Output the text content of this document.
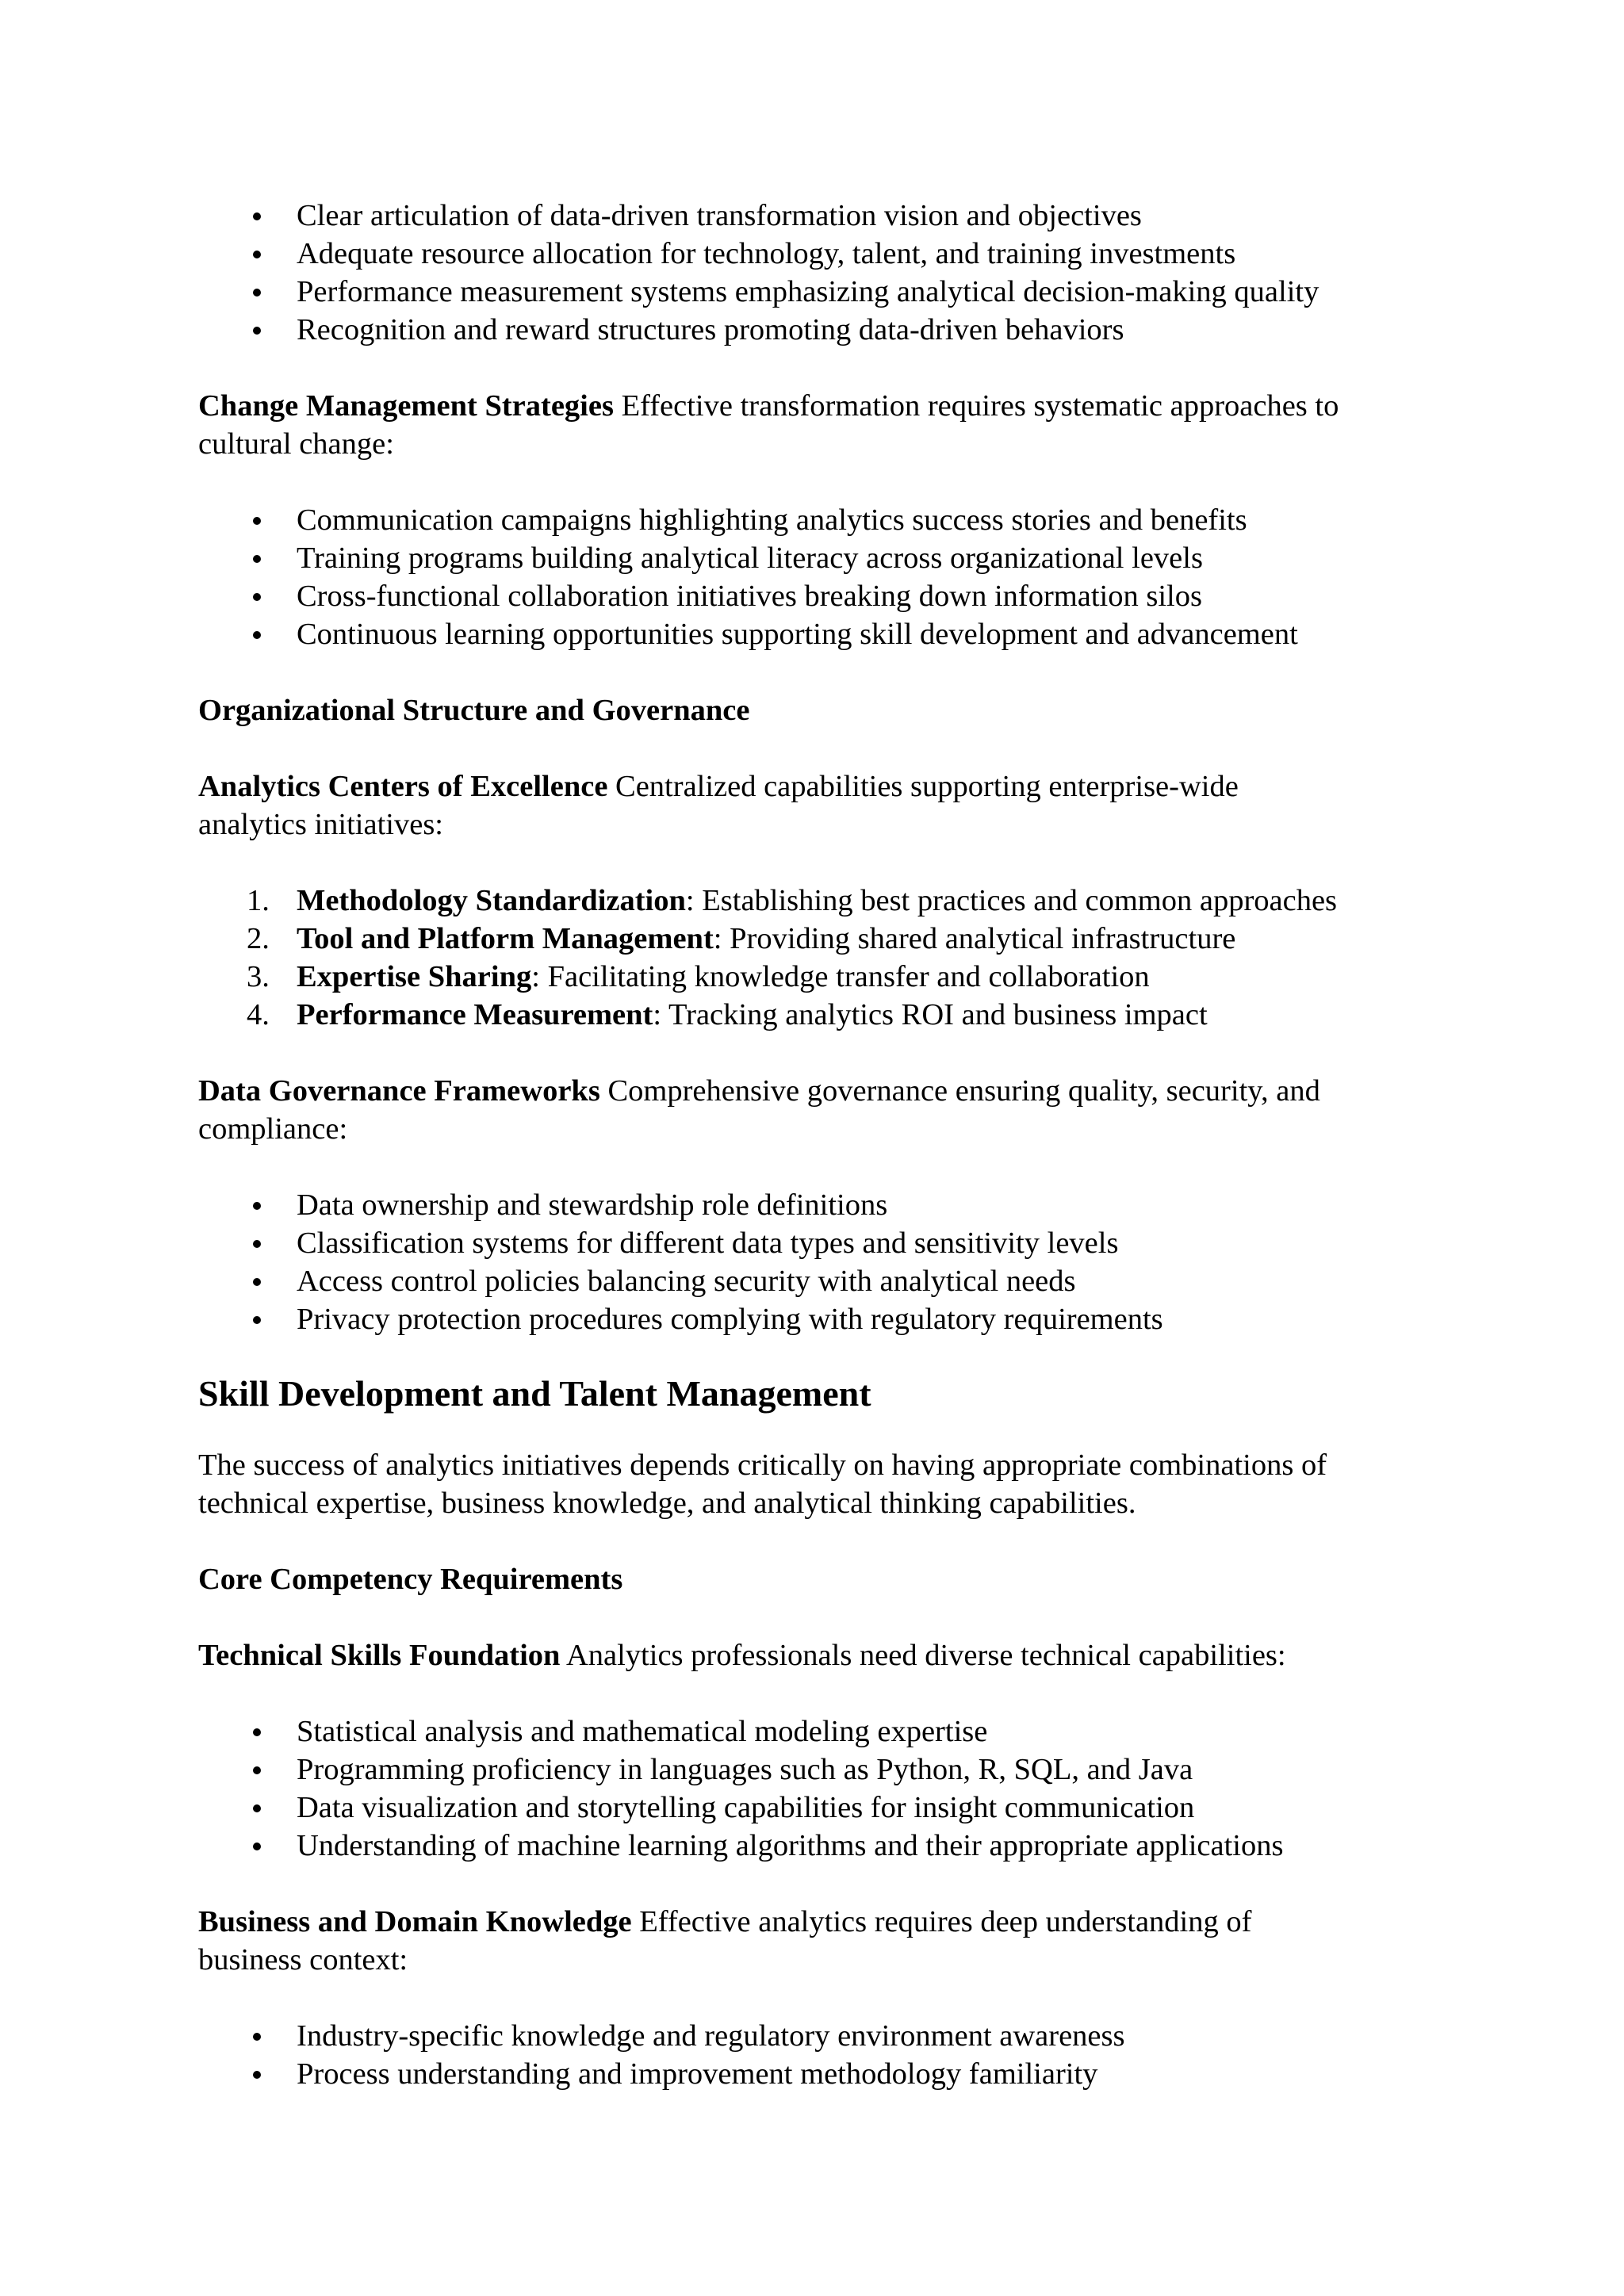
Clear articulation of data-driven transformation vision and objectives
Adequate resource allocation for technology, talent, and training investments
Performance measurement systems emphasizing analytical decision-making quality
Recognition and reward structures promoting data-driven behaviors

Change Management Strategies Effective transformation requires systematic approaches to
cultural change:

Communication campaigns highlighting analytics success stories and benefits
Training programs building analytical literacy across organizational levels
Cross-functional collaboration initiatives breaking down information silos
Continuous learning opportunities supporting skill development and advancement

Organizational Structure and Governance

Analytics Centers of Excellence Centralized capabilities supporting enterprise-wide
analytics initiatives:

1. Methodology Standardization: Establishing best practices and common approaches
2. Tool and Platform Management: Providing shared analytical infrastructure
3. Expertise Sharing: Facilitating knowledge transfer and collaboration
4. Performance Measurement: Tracking analytics ROI and business impact

Data Governance Frameworks Comprehensive governance ensuring quality, security, and
compliance:

Data ownership and stewardship role definitions
Classification systems for different data types and sensitivity levels
Access control policies balancing security with analytical needs
Privacy protection procedures complying with regulatory requirements

Skill Development and Talent Management

The success of analytics initiatives depends critically on having appropriate combinations of
technical expertise, business knowledge, and analytical thinking capabilities.

Core Competency Requirements

Technical Skills Foundation Analytics professionals need diverse technical capabilities:

Statistical analysis and mathematical modeling expertise
Programming proficiency in languages such as Python, R, SQL, and Java
Data visualization and storytelling capabilities for insight communication
Understanding of machine learning algorithms and their appropriate applications

Business and Domain Knowledge Effective analytics requires deep understanding of
business context:

Industry-specific knowledge and regulatory environment awareness
Process understanding and improvement methodology familiarity
